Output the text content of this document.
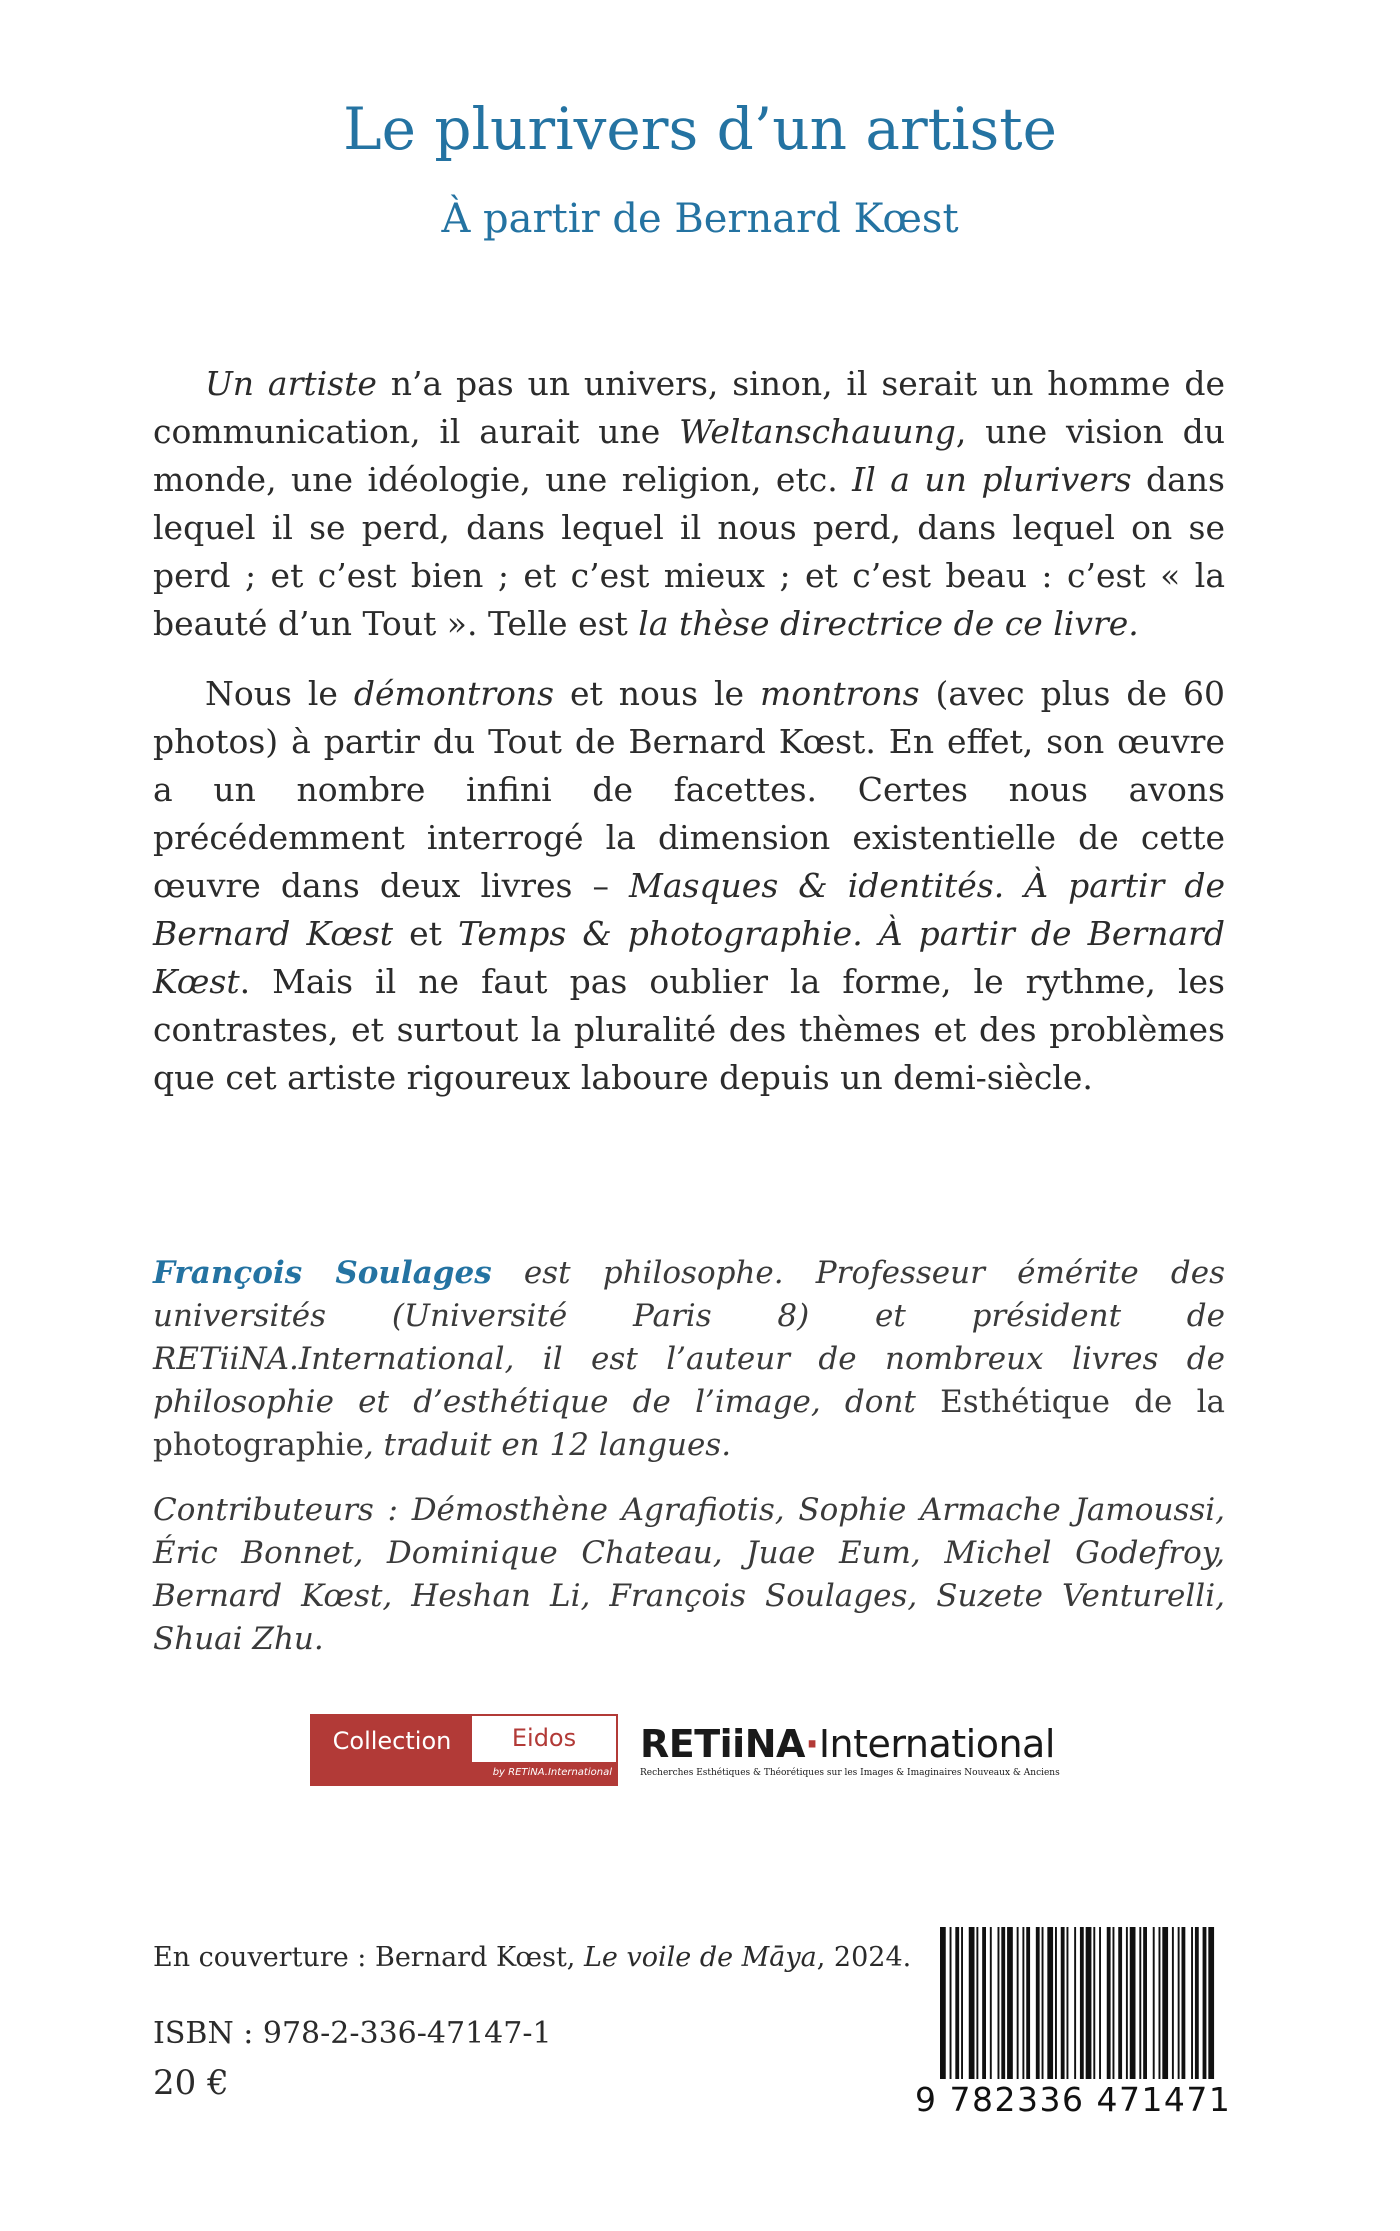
Le plurivers d’un artiste
À partir de Bernard Kœst

Un artiste n’a pas un univers, sinon, il serait un homme de communication, il aurait une Weltanschauung, une vision du monde, une idéologie, une religion, etc. Il a un plurivers dans lequel il se perd, dans lequel il nous perd, dans lequel on se perd ; et c’est bien ; et c’est mieux ; et c’est beau : c’est « la beauté d’un Tout ». Telle est la thèse directrice de ce livre.

Nous le démontrons et nous le montrons (avec plus de 60 photos) à partir du Tout de Bernard Kœst. En effet, son œuvre a un nombre infini de facettes. Certes nous avons précédemment interrogé la dimension existentielle de cette œuvre dans deux livres – Masques & identités. À partir de Bernard Kœst et Temps & photographie. À partir de Bernard Kœst. Mais il ne faut pas oublier la forme, le rythme, les contrastes, et surtout la pluralité des thèmes et des problèmes que cet artiste rigoureux laboure depuis un demi-siècle.

François Soulages est philosophe. Professeur émérite des universités (Université Paris 8) et président de RETiiNA.International, il est l’auteur de nombreux livres de philosophie et d’esthétique de l’image, dont Esthétique de la photographie, traduit en 12 langues.

Contributeurs : Démosthène Agrafiotis, Sophie Armache Jamoussi, Éric Bonnet, Dominique Chateau, Juae Eum, Michel Godefroy, Bernard Kœst, Heshan Li, François Soulages, Suzete Venturelli, Shuai Zhu.

Collection	Eidos
by RETiNA.International
RETiiNA·International
Recherches Esthétiques & Théorétiques sur les Images & Imaginaires Nouveaux & Anciens
En couverture : Bernard Kœst, Le voile de Māya, 2024.
ISBN : 978-2-336-47147-1
20 €	9 782336 471471
